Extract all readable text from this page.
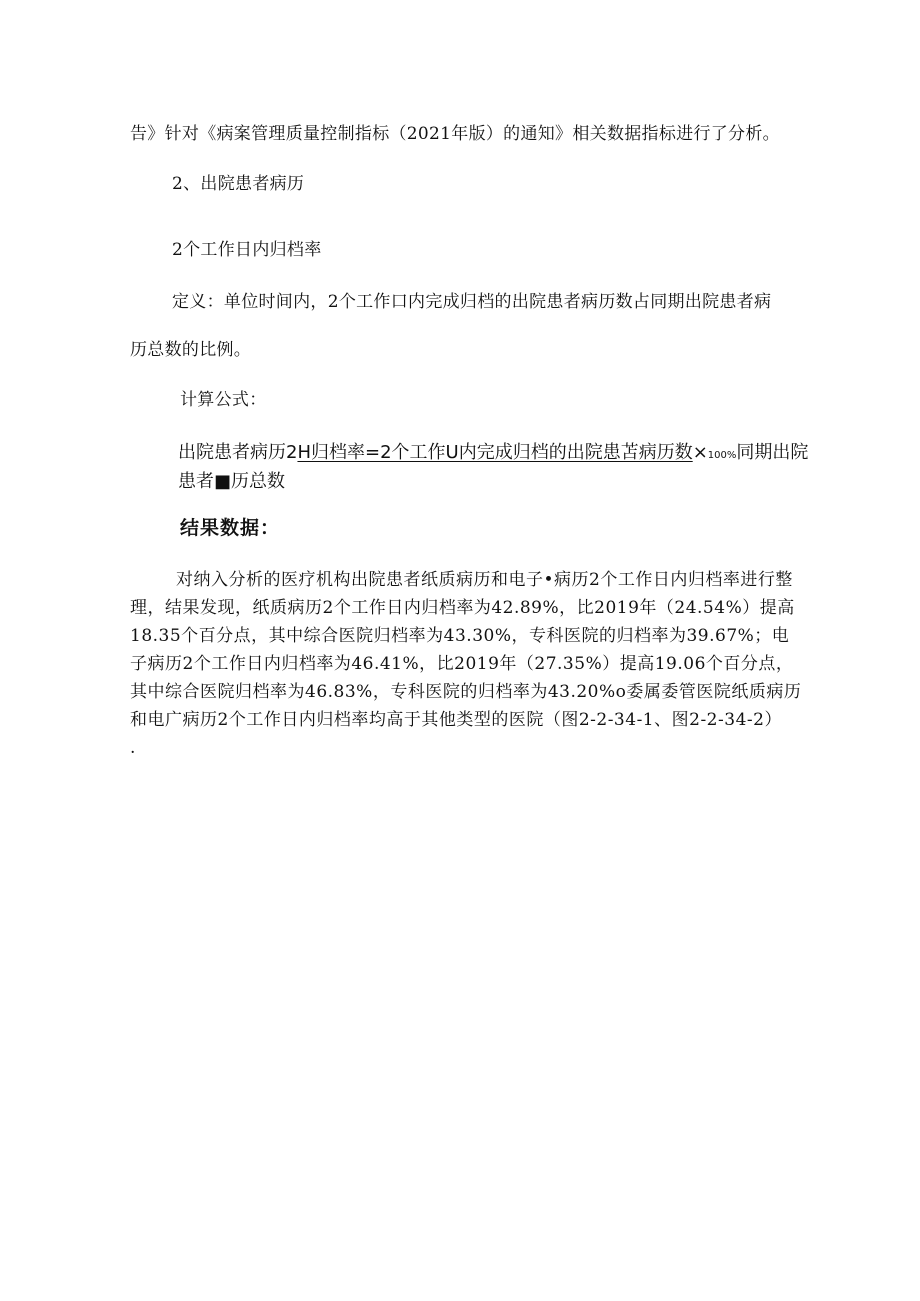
告》针对《病案管理质量控制指标（2021年版）的通知》相关数据指标进行了分析。
2、出院患者病历
2个工作日内归档率
定义：单位时间内，2个工作口内完成归档的出院患者病历数占同期出院患者病
历总数的比例。
计算公式：
出院患者病历2H归档率=2个工作U内完成归档的出院患苫病历数×100%同期出院
患者■历总数
结果数据：
对纳入分析的医疗机构出院患者纸质病历和电子•病历2个工作日内归档率进行整
理，结果发现，纸质病历2个工作日内归档率为42.89%，比2019年（24.54%）提高
18.35个百分点，其中综合医院归档率为43.30%，专科医院的归档率为39.67%；电
子病历2个工作日内归档率为46.41%，比2019年（27.35%）提高19.06个百分点，
其中综合医院归档率为46.83%，专科医院的归档率为43.20%o委属委管医院纸质病历
和电广病历2个工作日内归档率均高于其他类型的医院（图2-2-34-1、图2-2-34-2）
.
